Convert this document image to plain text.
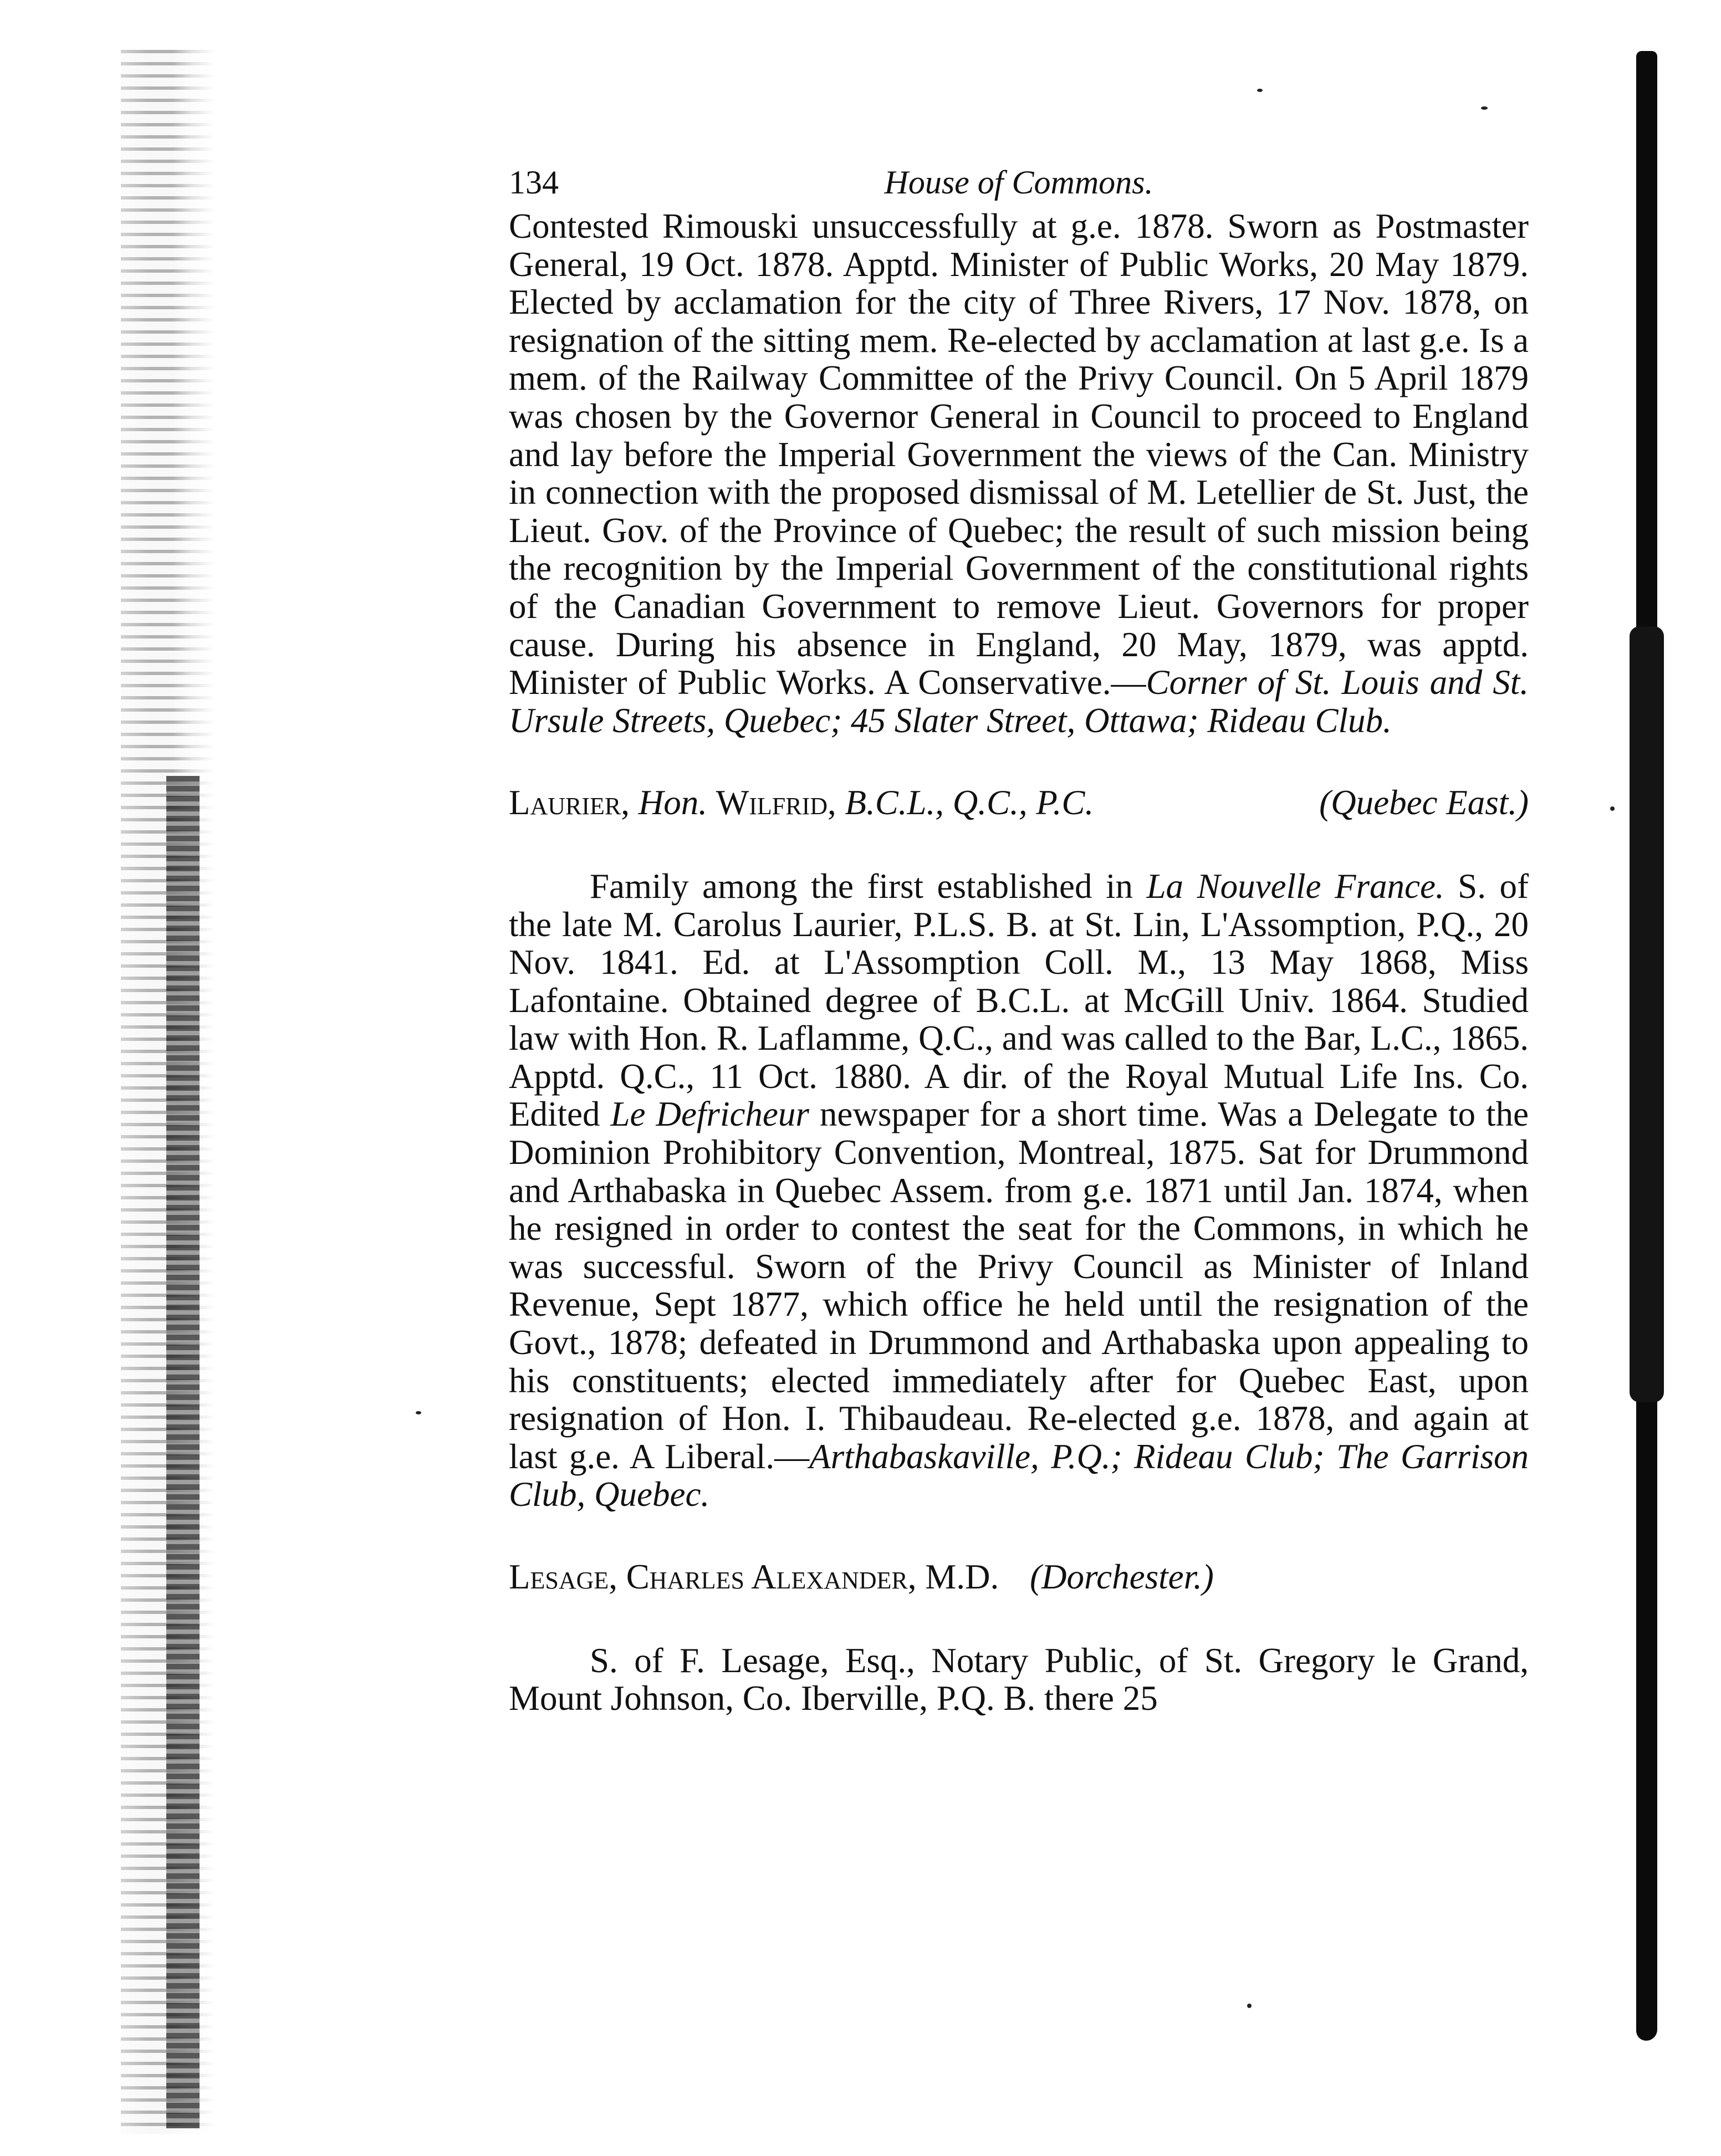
134	House of Commons.

Contested Rimouski unsuccessfully at g.e. 1878. Sworn as Postmaster General, 19 Oct. 1878. Apptd. Minister of Public Works, 20 May 1879. Elected by acclamation for the city of Three Rivers, 17 Nov. 1878, on resignation of the sitting mem. Re-elected by acclamation at last g.e. Is a mem. of the Railway Committee of the Privy Council. On 5 April 1879 was chosen by the Governor General in Council to proceed to England and lay before the Imperial Government the views of the Can. Ministry in connection with the proposed dismissal of M. Letellier de St. Just, the Lieut. Gov. of the Province of Quebec; the result of such mission being the recognition by the Imperial Government of the constitutional rights of the Canadian Government to remove Lieut. Governors for proper cause. During his absence in England, 20 May, 1879, was apptd. Minister of Public Works. A Conservative.—Corner of St. Louis and St. Ursule Streets, Quebec; 45 Slater Street, Ottawa; Rideau Club.

Laurier, Hon. Wilfrid, B.C.L., Q.C., P.C.	(Quebec East.)

Family among the first established in La Nouvelle France. S. of the late M. Carolus Laurier, P.L.S. B. at St. Lin, L'Assomption, P.Q., 20 Nov. 1841. Ed. at L'Assomption Coll. M., 13 May 1868, Miss Lafontaine. Obtained degree of B.C.L. at McGill Univ. 1864. Studied law with Hon. R. Laflamme, Q.C., and was called to the Bar, L.C., 1865. Apptd. Q.C., 11 Oct. 1880. A dir. of the Royal Mutual Life Ins. Co. Edited Le Defricheur newspaper for a short time. Was a Delegate to the Dominion Prohibitory Convention, Montreal, 1875. Sat for Drummond and Arthabaska in Quebec Assem. from g.e. 1871 until Jan. 1874, when he resigned in order to contest the seat for the Commons, in which he was successful. Sworn of the Privy Council as Minister of Inland Revenue, Sept 1877, which office he held until the resignation of the Govt., 1878; defeated in Drummond and Arthabaska upon appealing to his constituents; elected immediately after for Quebec East, upon resignation of Hon. I. Thibaudeau. Re-elected g.e. 1878, and again at last g.e. A Liberal.—Arthabaskaville, P.Q.; Rideau Club; The Garrison Club, Quebec.

Lesage, Charles Alexander, M.D. (Dorchester.)

S. of F. Lesage, Esq., Notary Public, of St. Gregory le Grand, Mount Johnson, Co. Iberville, P.Q. B. there 25
